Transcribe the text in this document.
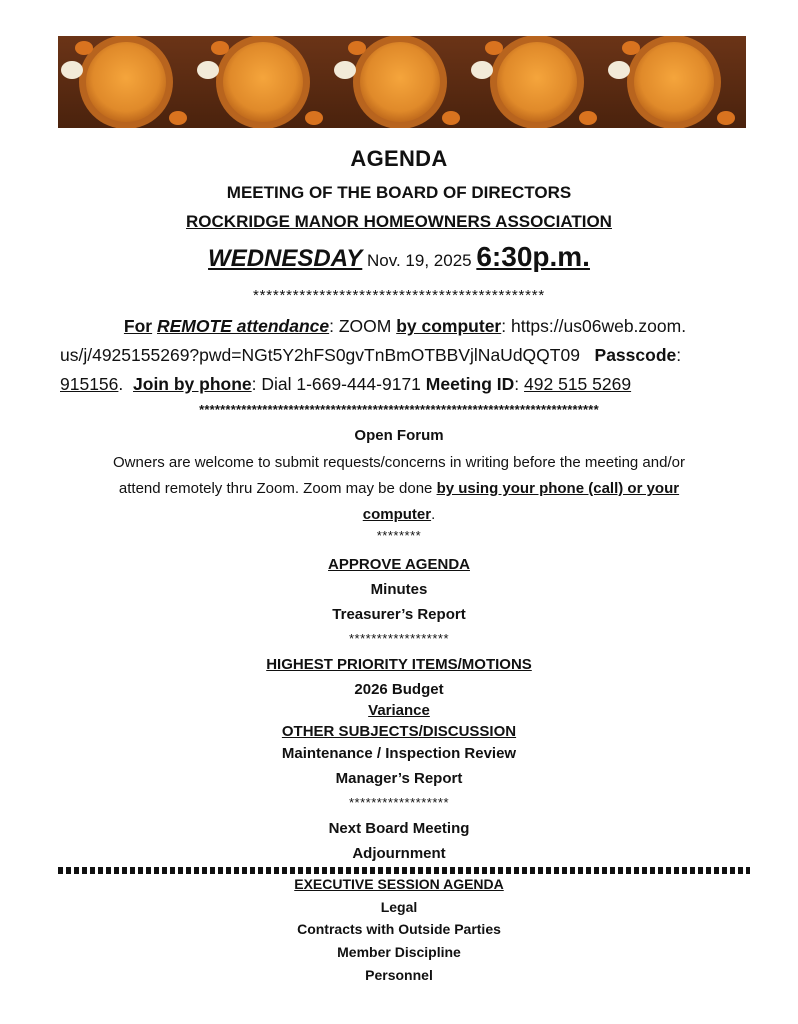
AGENDA
MEETING OF THE BOARD OF DIRECTORS
ROCKRIDGE MANOR HOMEOWNERS ASSOCIATION
WEDNESDAY Nov. 19, 2025 6:30p.m.
********************************************
For REMOTE attendance: ZOOM by computer: https://us06web.zoom.
us/j/4925155269?pwd=NGt5Y2hFS0gvTnBmOTBBVjlNaUdQQT09 Passcode:
915156. Join by phone: Dial 1-669-444-9171 Meeting ID: 492 515 5269
****************************************************************************
Open Forum
Owners are welcome to submit requests/concerns in writing before the meeting and/or
attend remotely thru Zoom. Zoom may be done by using your phone (call) or your
computer.
********
APPROVE AGENDA
Minutes
Treasurer’s Report
******************
HIGHEST PRIORITY ITEMS/MOTIONS
2026 Budget
Variance
OTHER SUBJECTS/DISCUSSION
Maintenance / Inspection Review
Manager’s Report
******************
Next Board Meeting
Adjournment
EXECUTIVE SESSION AGENDA
Legal
Contracts with Outside Parties
Member Discipline
Personnel
